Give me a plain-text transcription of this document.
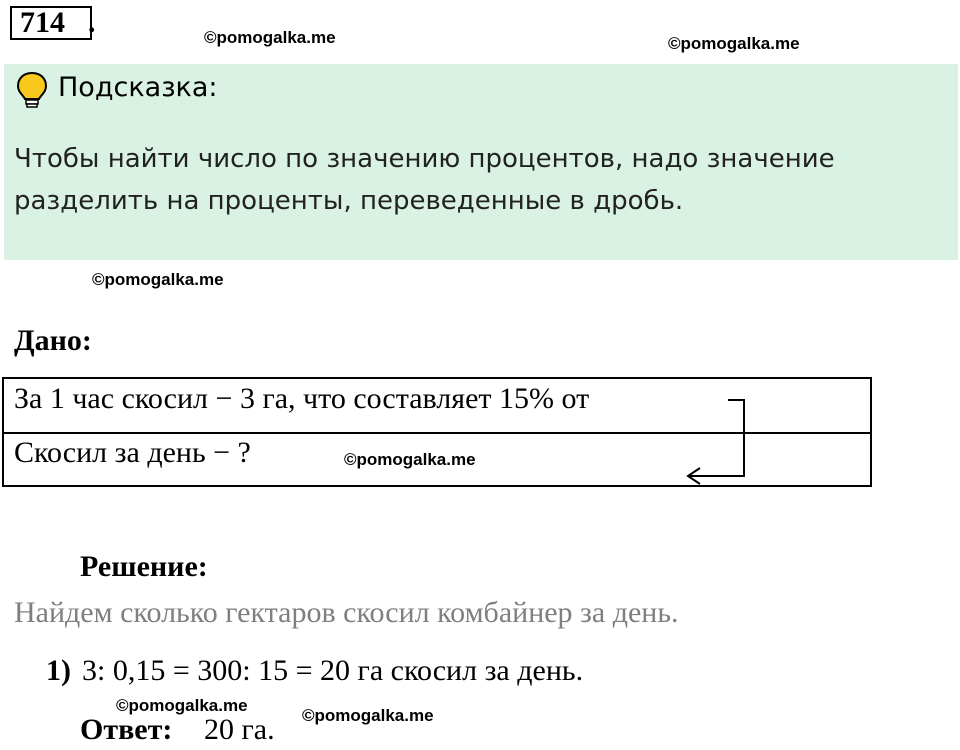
714 .	©pomogalka.me	©pomogalka.me
Подсказка:
Чтобы найти число по значению процентов, надо значение
разделить на проценты, переведенные в дробь.
©pomogalka.me
Дано:
За 1 час скосил − 3 га, что составляет 15% от
Скосил за день − ?	©pomogalka.me
Решение:
Найдем сколько гектаров скосил комбайнер за день.
1) 3: 0,15 = 300: 15 = 20 га скосил за день.
©pomogalka.me
©pomogalka.me
Ответ: 20 га.
